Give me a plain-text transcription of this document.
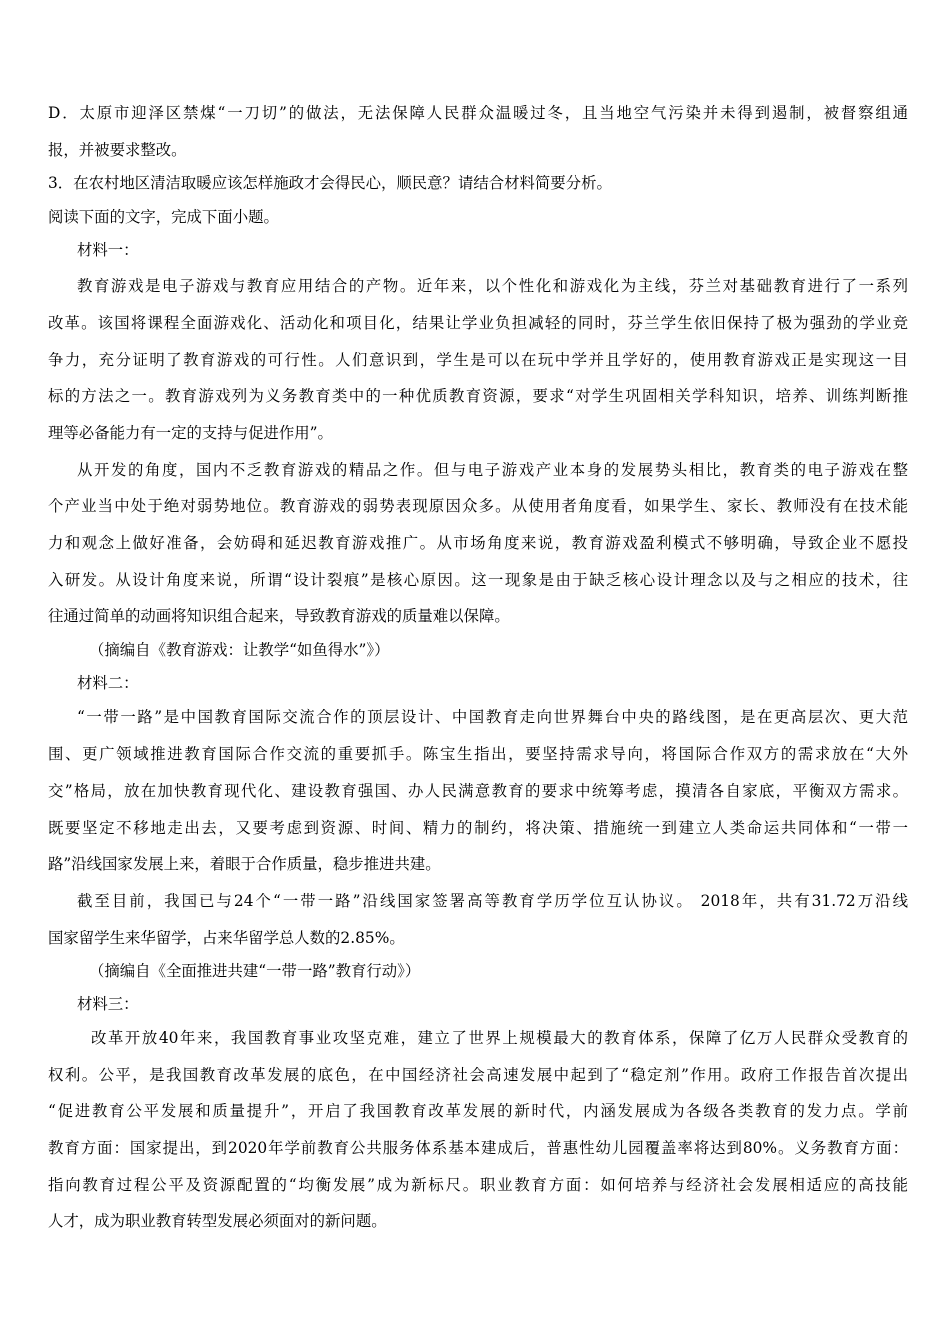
D．太原市迎泽区禁煤“一刀切”的做法，无法保障人民群众温暖过冬，且当地空气污染并未得到遏制，被督察组通
报，并被要求整改。
3．在农村地区清洁取暖应该怎样施政才会得民心，顺民意？请结合材料简要分析。
阅读下面的文字，完成下面小题。
材料一：
教育游戏是电子游戏与教育应用结合的产物。近年来，以个性化和游戏化为主线，芬兰对基础教育进行了一系列
改革。该国将课程全面游戏化、活动化和项目化，结果让学业负担减轻的同时，芬兰学生依旧保持了极为强劲的学业竞
争力，充分证明了教育游戏的可行性。人们意识到，学生是可以在玩中学并且学好的，使用教育游戏正是实现这一目
标的方法之一。教育游戏列为义务教育类中的一种优质教育资源，要求“对学生巩固相关学科知识，培养、训练判断推
理等必备能力有一定的支持与促进作用”。
从开发的角度，国内不乏教育游戏的精品之作。但与电子游戏产业本身的发展势头相比，教育类的电子游戏在整
个产业当中处于绝对弱势地位。教育游戏的弱势表现原因众多。从使用者角度看，如果学生、家长、教师没有在技术能
力和观念上做好准备，会妨碍和延迟教育游戏推广。从市场角度来说，教育游戏盈利模式不够明确，导致企业不愿投
入研发。从设计角度来说，所谓“设计裂痕”是核心原因。这一现象是由于缺乏核心设计理念以及与之相应的技术，往
往通过简单的动画将知识组合起来，导致教育游戏的质量难以保障。
（摘编自《教育游戏：让教学“如鱼得水”》）
材料二：
“一带一路”是中国教育国际交流合作的顶层设计、中国教育走向世界舞台中央的路线图，是在更高层次、更大范
围、更广领域推进教育国际合作交流的重要抓手。陈宝生指出，要坚持需求导向，将国际合作双方的需求放在“大外
交”格局，放在加快教育现代化、建设教育强国、办人民满意教育的要求中统筹考虑，摸清各自家底，平衡双方需求。
既要坚定不移地走出去，又要考虑到资源、时间、精力的制约，将决策、措施统一到建立人类命运共同体和“一带一
路”沿线国家发展上来，着眼于合作质量，稳步推进共建。
截至目前，我国已与24个“一带一路”沿线国家签署高等教育学历学位互认协议。 2018年，共有31.72万沿线
国家留学生来华留学，占来华留学总人数的2.85%。
（摘编自《全面推进共建“一带一路”教育行动》）
材料三：
改革开放40年来，我国教育事业攻坚克难，建立了世界上规模最大的教育体系，保障了亿万人民群众受教育的
权利。公平，是我国教育改革发展的底色，在中国经济社会高速发展中起到了“稳定剂”作用。政府工作报告首次提出
“促进教育公平发展和质量提升”，开启了我国教育改革发展的新时代，内涵发展成为各级各类教育的发力点。学前
教育方面：国家提出，到2020年学前教育公共服务体系基本建成后，普惠性幼儿园覆盖率将达到80%。义务教育方面：
指向教育过程公平及资源配置的“均衡发展”成为新标尺。职业教育方面：如何培养与经济社会发展相适应的高技能
人才，成为职业教育转型发展必须面对的新问题。
